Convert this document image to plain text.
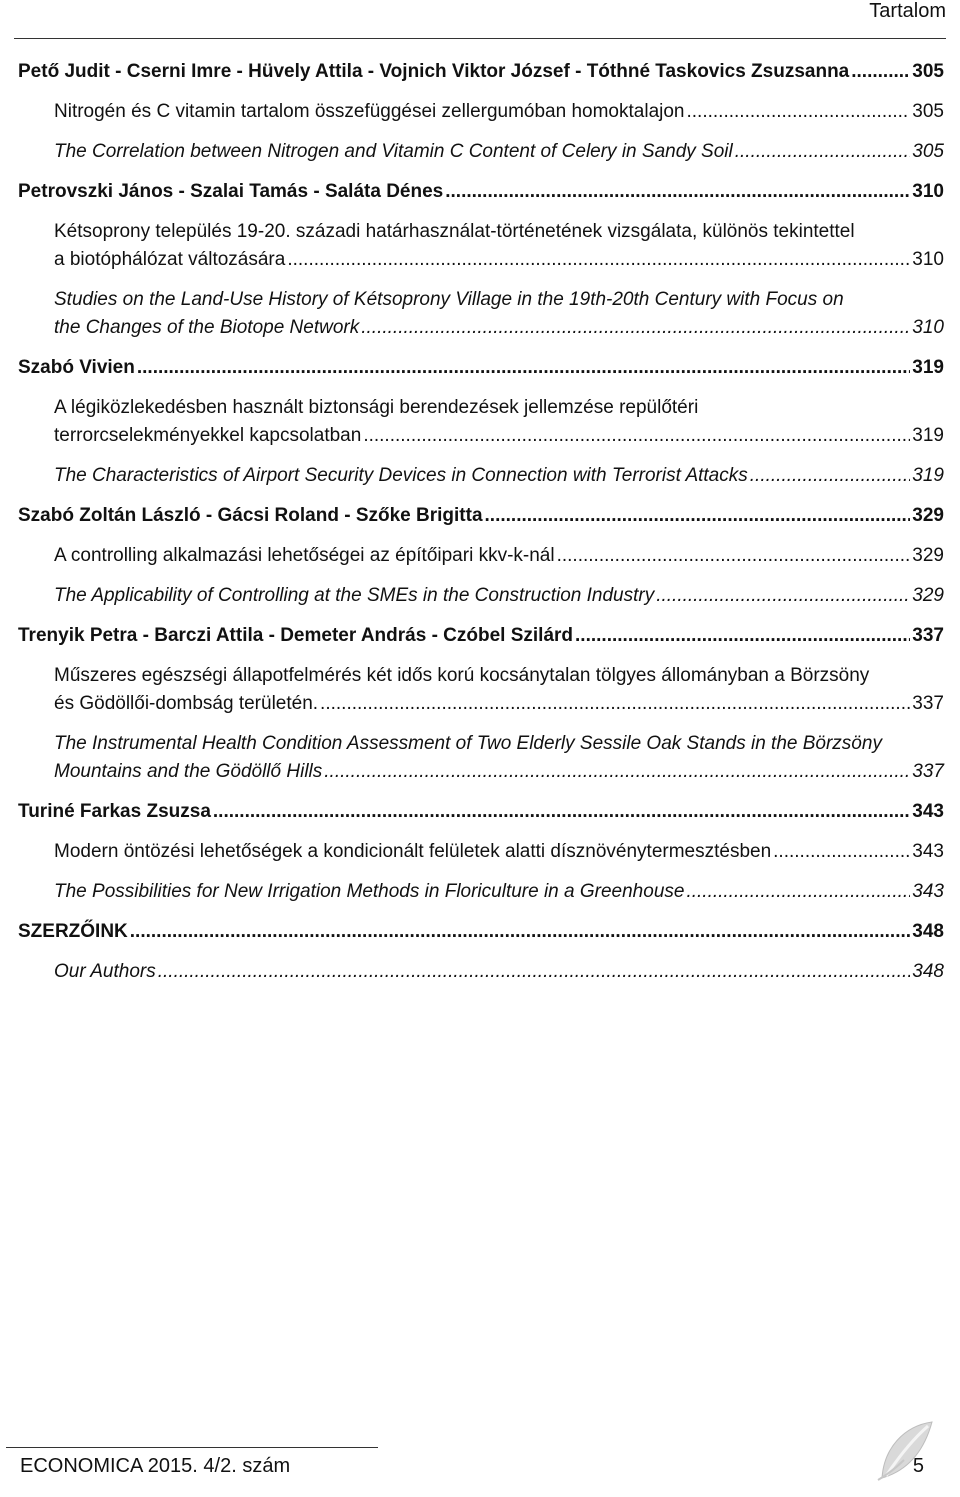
Tartalom
Pető Judit - Cserni Imre - Hüvely Attila - Vojnich Viktor József - Tóthné Taskovics Zsuzsanna .....	305
Nitrogén és C vitamin tartalom összefüggései zellergumóban homoktalajon .....	305
The Correlation between Nitrogen and Vitamin C Content of Celery in Sandy Soil .....	305
Petrovszki János - Szalai Tamás - Saláta Dénes .....	310
Kétsoprony település 19-20. századi határhasználat-történetének vizsgálata, különös tekintettel
a biotóphálózat változására .....	310
Studies on the Land-Use History of Kétsoprony Village in the 19th-20th Century with Focus on
the Changes of the Biotope Network .....	310
Szabó Vivien .....	319
A légiközlekedésben használt biztonsági berendezések jellemzése repülőtéri
terrorcselekményekkel kapcsolatban .....	319
The Characteristics of Airport Security Devices in Connection with Terrorist Attacks .....	319
Szabó Zoltán László - Gácsi Roland - Szőke Brigitta .....	329
A controlling alkalmazási lehetőségei az építőipari kkv-k-nál .....	329
The Applicability of Controlling at the SMEs in the Construction Industry .....	329
Trenyik Petra - Barczi Attila - Demeter András - Czóbel Szilárd .....	337
Műszeres egészségi állapotfelmérés két idős korú kocsánytalan tölgyes állományban a Börzsöny
és Gödöllői-dombság területén. .....	337
The Instrumental Health Condition Assessment of Two Elderly Sessile Oak Stands in the Börzsöny
Mountains and the Gödöllő Hills .....	337
Turiné Farkas Zsuzsa .....	343
Modern öntözési lehetőségek a kondicionált felületek alatti dísznövénytermesztésben .....	343
The Possibilities for New Irrigation Methods in Floriculture in a Greenhouse .....	343
SZERZŐINK .....	348
Our Authors .....	348
ECONOMICA 2015. 4/2. szám	5
